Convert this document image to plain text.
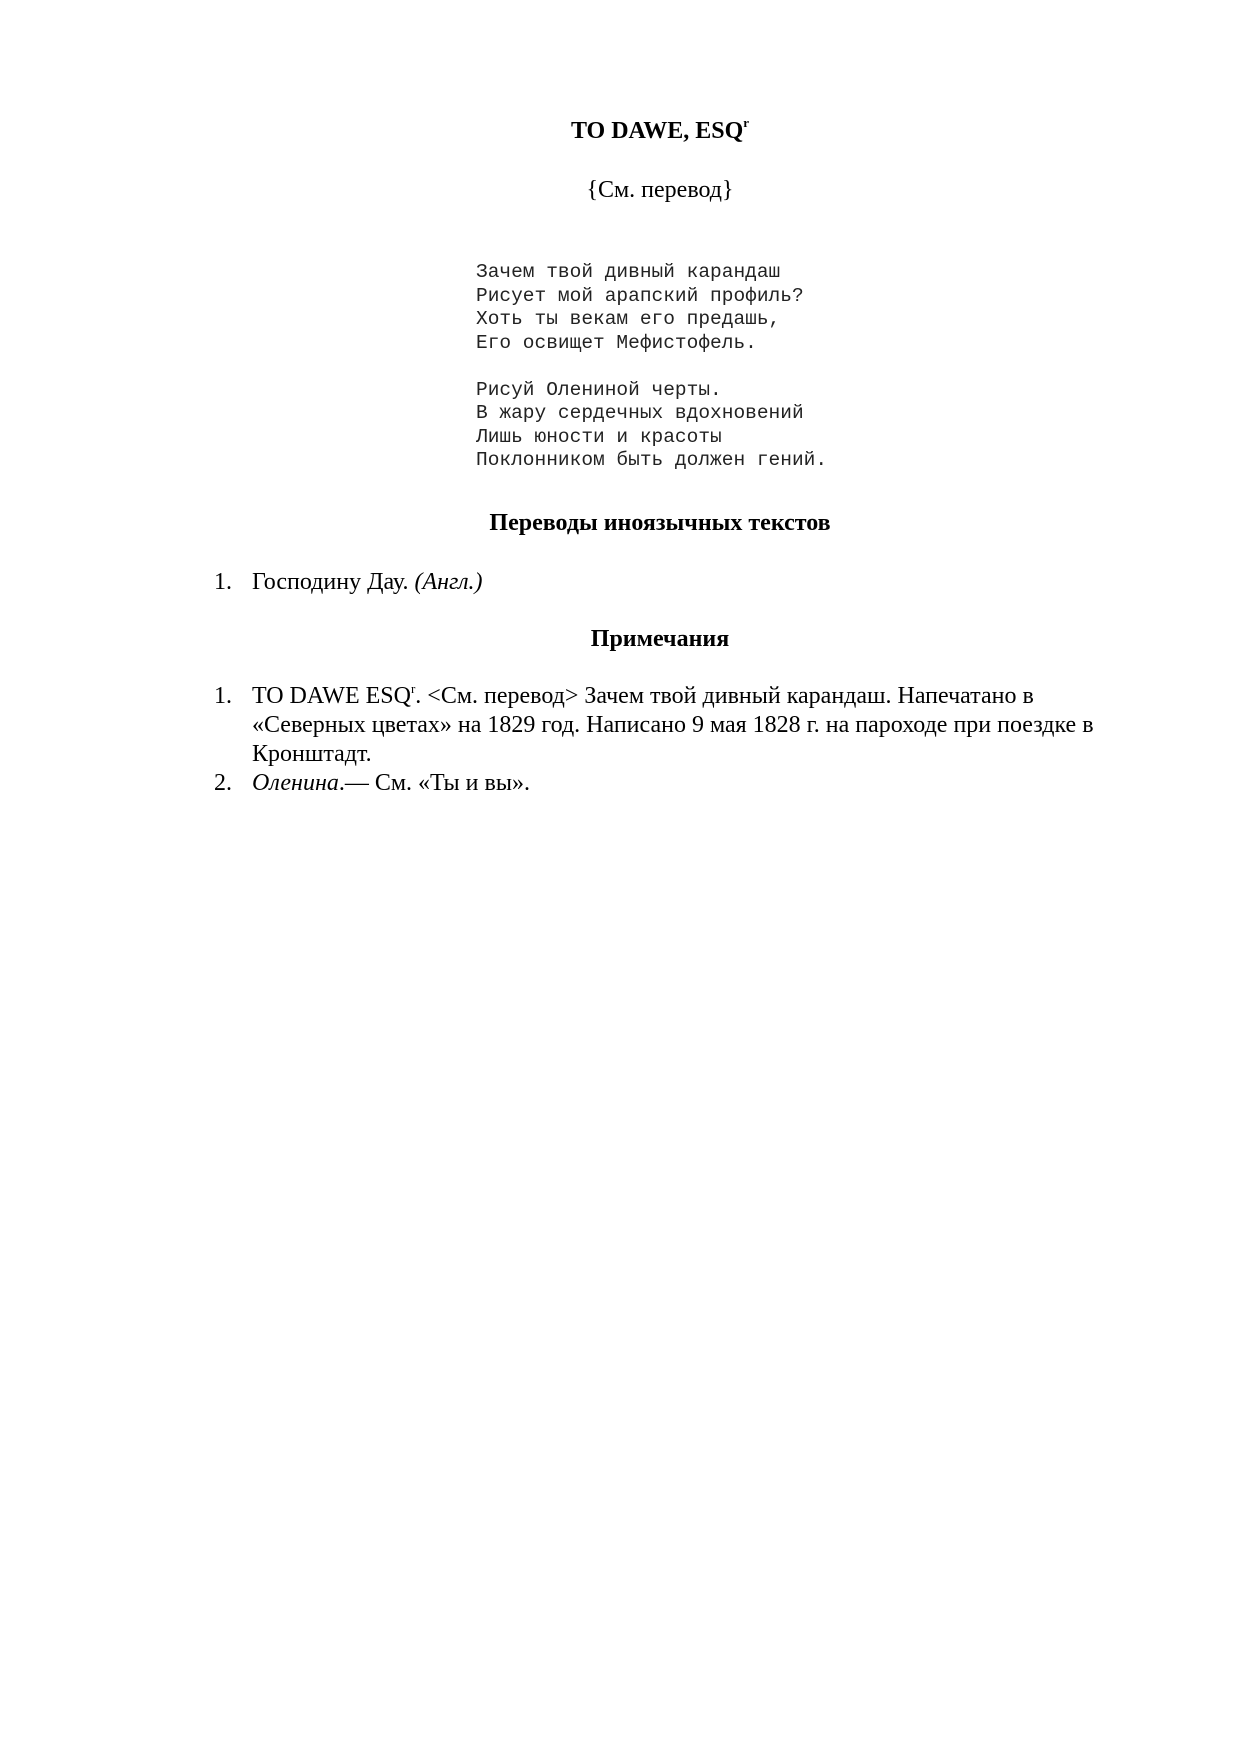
TO DAWE, ESQ$^r$
{См. перевод}
Зачем твой дивный карандаш
Рисует мой арапский профиль?
Хоть ты векам его предашь,
Его освищет Мефистофель.
Рисуй Олениной черты.
В жару сердечных вдохновений
Лишь юности и красоты
Поклонником быть должен гений.
Переводы иноязычных текстов
1. Господину Дау. (Англ.)
Примечания
1. TO DAWE $ESQ^r$. <См. перевод> Зачем твой дивный карандаш. Напечатано в «Северных цветах» на 1829 год. Написано 9 мая 1828 г. на пароходе при поездке в Кронштадт.
2. Оленина.— См. «Ты и вы».
